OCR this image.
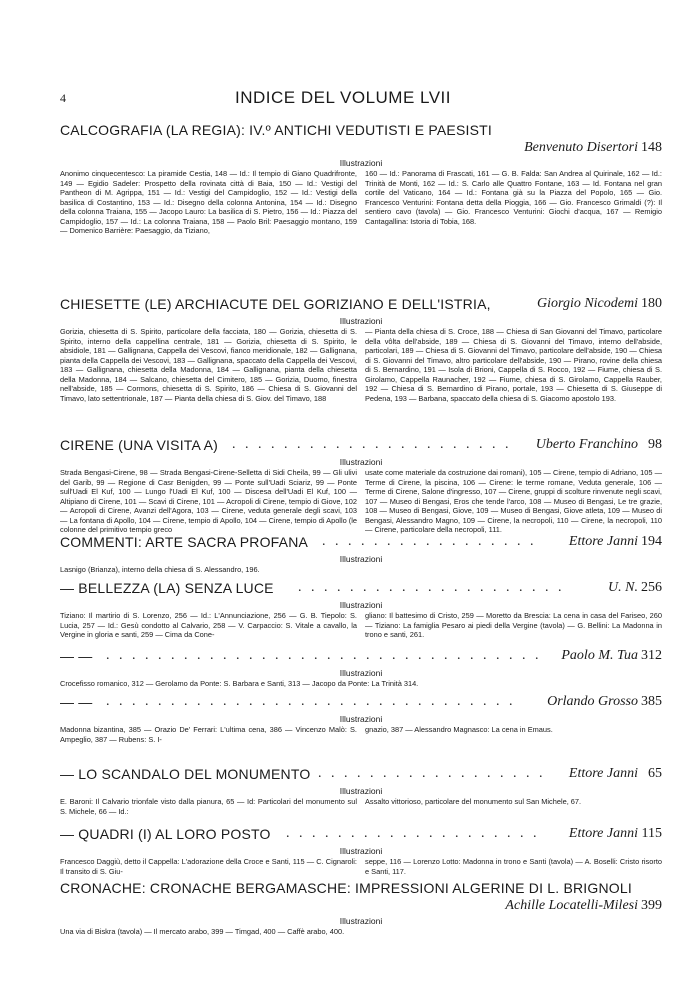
4	INDICE DEL VOLUME LVII
CALCOGRAFIA (LA REGIA): IV.º ANTICHI VEDUTISTI E PAESISTI
Benvenuto Disertori 148
Illustrazioni
Anonimo cinquecentesco: La piramide Cestia, 148 — Id.: Il tempio di Giano Quadrifronte, 149 — Egidio Sadeler: Prospetto della rovinata città di Baia, 150 — Id.: Vestigi del Pantheon di M. Agrippa, 151 — Id.: Vestigi del Campidoglio, 152 — Id.: Vestigi della basilica di Costantino, 153 — Id.: Disegno della colonna Antonina, 154 — Id.: Disegno della colonna Traiana, 155 — Jacopo Lauro: La basilica di S. Pietro, 156 — Id.: Piazza del Campidoglio, 157 — Id.: La colonna Traiana, 158 — Paolo Bril: Paesaggio montano, 159 — Domenico Barrière: Paesaggio, da Tiziano,
160 — Id.: Panorama di Frascati, 161 — G. B. Falda: San Andrea al Quirinale, 162 — Id.: Trinità de Monti, 162 — Id.: S. Carlo alle Quattro Fontane, 163 — Id. Fontana nel gran cortile del Vaticano, 164 — Id.: Fontana già su la Piazza del Popolo, 165 — Gio. Francesco Venturini: Fontana detta della Pioggia, 166 — Gio. Francesco Grimaldi (?): Il sentiero cavo (tavola) — Gio. Francesco Venturini: Giochi d'acqua, 167 — Remigio Cantagallina: Istoria di Tobia, 168.
CHIESETTE (LE) ARCHIACUTE DEL GORIZIANO E DELL'ISTRIA,	Giorgio Nicodemi 180
Illustrazioni
Gorizia, chiesetta di S. Spirito, particolare della facciata, 180 — Gorizia, chiesetta di S. Spirito, interno della cappellina centrale, 181 — Gorizia, chiesetta di S. Spirito, le absidiole, 181 — Gallignana, Cappella dei Vescovi, fianco meridionale, 182 — Gallignana, pianta della Cappella dei Vescovi, 183 — Gallignana, spaccato della Cappella dei Vescovi, 183 — Gallignana, chiesetta della Madonna, 184 — Gallignana, pianta della chiesetta della Madonna, 184 — Salcano, chiesetta del Cimitero, 185 — Gorizia, Duomo, finestra nell'abside, 185 — Cormons, chiesetta di S. Spirito, 186 — Chiesa di S. Giovanni del Timavo, lato settentrionale, 187 — Pianta della chiesa di S. Giov. del Timavo, 188
— Pianta della chiesa di S. Croce, 188 — Chiesa di San Giovanni del Timavo, particolare della vôlta dell'abside, 189 — Chiesa di S. Giovanni del Timavo, interno dell'abside, particolari, 189 — Chiesa di S. Giovanni del Timavo, particolare dell'abside, 190 — Chiesa di S. Giovanni del Timavo, altro particolare dell'abside, 190 — Pirano, rovine della chiesa di S. Bernardino, 191 — Isola di Brioni, Cappella di S. Rocco, 192 — Fiume, chiesa di S. Girolamo, Cappella Raunacher, 192 — Fiume, chiesa di S. Girolamo, Cappella Rauber, 192 — Chiesa di S. Bernardino di Pirano, portale, 193 — Chiesetta di S. Giuseppe di Pedena, 193 — Barbana, spaccato della chiesa di S. Giacomo apostolo 193.
CIRENE (UNA VISITA A) . . . . . . . . . . . . . . . . . . . . . .	Uberto Franchino 98
Illustrazioni
Strada Bengasi-Cirene, 98 — Strada Bengasi-Cirene-Selletta di Sidi Cheila, 99 — Gli ulivi del Garib, 99 — Regione di Casr Benigden, 99 — Ponte sull'Uadi Sciariz, 99 — Ponte sull'Uadi El Kuf, 100 — Lungo l'Uadi El Kuf, 100 — Discesa dell'Uadi El Kuf, 100 — Altipiano di Cirene, 101 — Scavi di Cirene, 101 — Acropoli di Cirene, tempio di Giove, 102 — Acropoli di Cirene, Avanzi dell'Agora, 103 — Cirene, veduta generale degli scavi, 103 — La fontana di Apollo, 104 — Cirene, tempio di Apollo, 104 — Cirene, tempio di Apollo (le colonne del primitivo tempio greco
usate come materiale da costruzione dai romani), 105 — Cirene, tempio di Adriano, 105 — Terme di Cirene, la piscina, 106 — Cirene: le terme romane, Veduta generale, 106 — Terme di Cirene, Salone d'ingresso, 107 — Cirene, gruppi di scolture rinvenute negli scavi, 107 — Museo di Bengasi, Eros che tende l'arco, 108 — Museo di Bengasi, Le tre grazie, 108 — Museo di Bengasi, Giove, 109 — Museo di Bengasi, Giove atleta, 109 — Museo di Bengasi, Alessandro Magno, 109 — Cirene, la necropoli, 110 — Cirene, la necropoli, 110 — Cirene, particolare della necropoli, 111.
COMMENTI: ARTE SACRA PROFANA . . . . . . . . . . . . . . . . .	Ettore Janni 194
Illustrazioni
Lasnigo (Brianza), interno della chiesa di S. Alessandro, 196.
— BELLEZZA (LA) SENZA LUCE . . . . . . . . . . . . . . . . . . . . .	U. N. 256
Illustrazioni
Tiziano: Il martirio di S. Lorenzo, 256 — Id.: L'Annunciazione, 256 — G. B. Tiepolo: S. Lucia, 257 — Id.: Gesù condotto al Calvario, 258 — V. Carpaccio: S. Vitale a cavallo, la Vergine in gloria e santi, 259 — Cima da Cone-
gliano: Il battesimo di Cristo, 259 — Moretto da Brescia: La cena in casa del Fariseo, 260 — Tiziano: La famiglia Pesaro ai piedi della Vergine (tavola) — G. Bellini: La Madonna in trono e santi, 261.
— — . . . . . . . . . . . . . . . . . . . . . . . . . . . . . . . . . .	Paolo M. Tua 312
Illustrazioni
Crocefisso romanico, 312 — Gerolamo da Ponte: S. Barbara e Santi, 313 — Jacopo da Ponte: La Trinità 314.
— — . . . . . . . . . . . . . . . . . . . . . . . . . . . . . . . .	Orlando Grosso 385
Illustrazioni
Madonna bizantina, 385 — Orazio De' Ferrari: L'ultima cena, 386 — Vincenzo Malò: S. Ampeglio, 387 — Rubens: S. I-
gnazio, 387 — Alessandro Magnasco: La cena in Emaus.
— LO SCANDALO DEL MONUMENTO . . . . . . . . . . . . . . . . . .	Ettore Janni 65
Illustrazioni
E. Baroni: Il Calvario trionfale visto dalla pianura, 65 — Id: Particolari del monumento sul S. Michele, 66 — Id.:
Assalto vittorioso, particolare del monumento sul San Michele, 67.
— QUADRI (I) AL LORO POSTO . . . . . . . . . . . . . . . . . . . .	Ettore Janni 115
Illustrazioni
Francesco Daggiù, detto il Cappella: L'adorazione della Croce e Santi, 115 — C. Cignaroli: Il transito di S. Giu-
seppe, 116 — Lorenzo Lotto: Madonna in trono e Santi (tavola) — A. Boselli: Cristo risorto e Santi, 117.
CRONACHE: CRONACHE BERGAMASCHE: IMPRESSIONI ALGERINE DI L. BRIGNOLI
Achille Locatelli-Milesi 399
Illustrazioni
Una via di Biskra (tavola) — Il mercato arabo, 399 — Timgad, 400 — Caffè arabo, 400.
